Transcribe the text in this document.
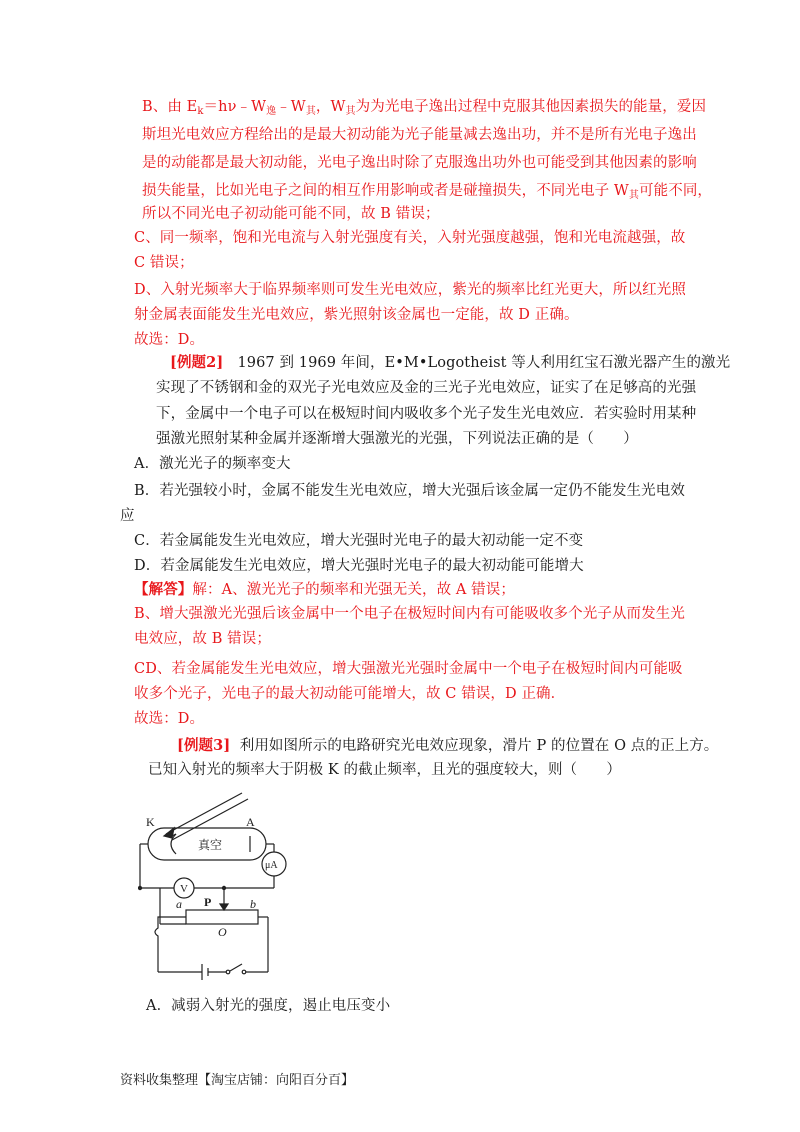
B、由 $E_k=h\nu﹣W_逸﹣W_其$，$W_其$为为光电子逸出过程中克服其他因素损失的能量，爱因
斯坦光电效应方程给出的是最大初动能为光子能量减去逸出功，并不是所有光电子逸出
是的动能都是最大初动能，光电子逸出时除了克服逸出功外也可能受到其他因素的影响
损失能量，比如光电子之间的相互作用影响或者是碰撞损失，不同光电子 $W_其$可能不同，
所以不同光电子初动能可能不同，故 B 错误；
C、同一频率，饱和光电流与入射光强度有关，入射光强度越强，饱和光电流越强，故
C 错误；
D、入射光频率大于临界频率则可发生光电效应，紫光的频率比红光更大，所以红光照
射金属表面能发生光电效应，紫光照射该金属也一定能，故 D 正确。
故选：D。
[例题2] 1967 到 1969 年间，E•M•Logotheist 等人利用红宝石激光器产生的激光
实现了不锈钢和金的双光子光电效应及金的三光子光电效应，证实了在足够高的光强
下，金属中一个电子可以在极短时间内吸收多个光子发生光电效应．若实验时用某种
强激光照射某种金属并逐渐增大强激光的光强，下列说法正确的是（　　）
A．激光光子的频率变大
B．若光强较小时，金属不能发生光电效应，增大光强后该金属一定仍不能发生光电效
应
C．若金属能发生光电效应，增大光强时光电子的最大初动能一定不变
D．若金属能发生光电效应，增大光强时光电子的最大初动能可能增大
【解答】解：A、激光光子的频率和光强无关，故 A 错误；
B、增大强激光光强后该金属中一个电子在极短时间内有可能吸收多个光子从而发生光
电效应，故 B 错误；
CD、若金属能发生光电效应，增大强激光光强时金属中一个电子在极短时间内可能吸
收多个光子，光电子的最大初动能可能增大，故 C 错误，D 正确．
故选：D。
[例题3] 利用如图所示的电路研究光电效应现象，滑片 P 的位置在 O 点的正上方。
已知入射光的频率大于阴极 K 的截止频率，且光的强度较大，则（　　）
K	A
真空
μA
V
a P	b
O
A．减弱入射光的强度，遏止电压变小
资料收集整理【淘宝店铺：向阳百分百】
